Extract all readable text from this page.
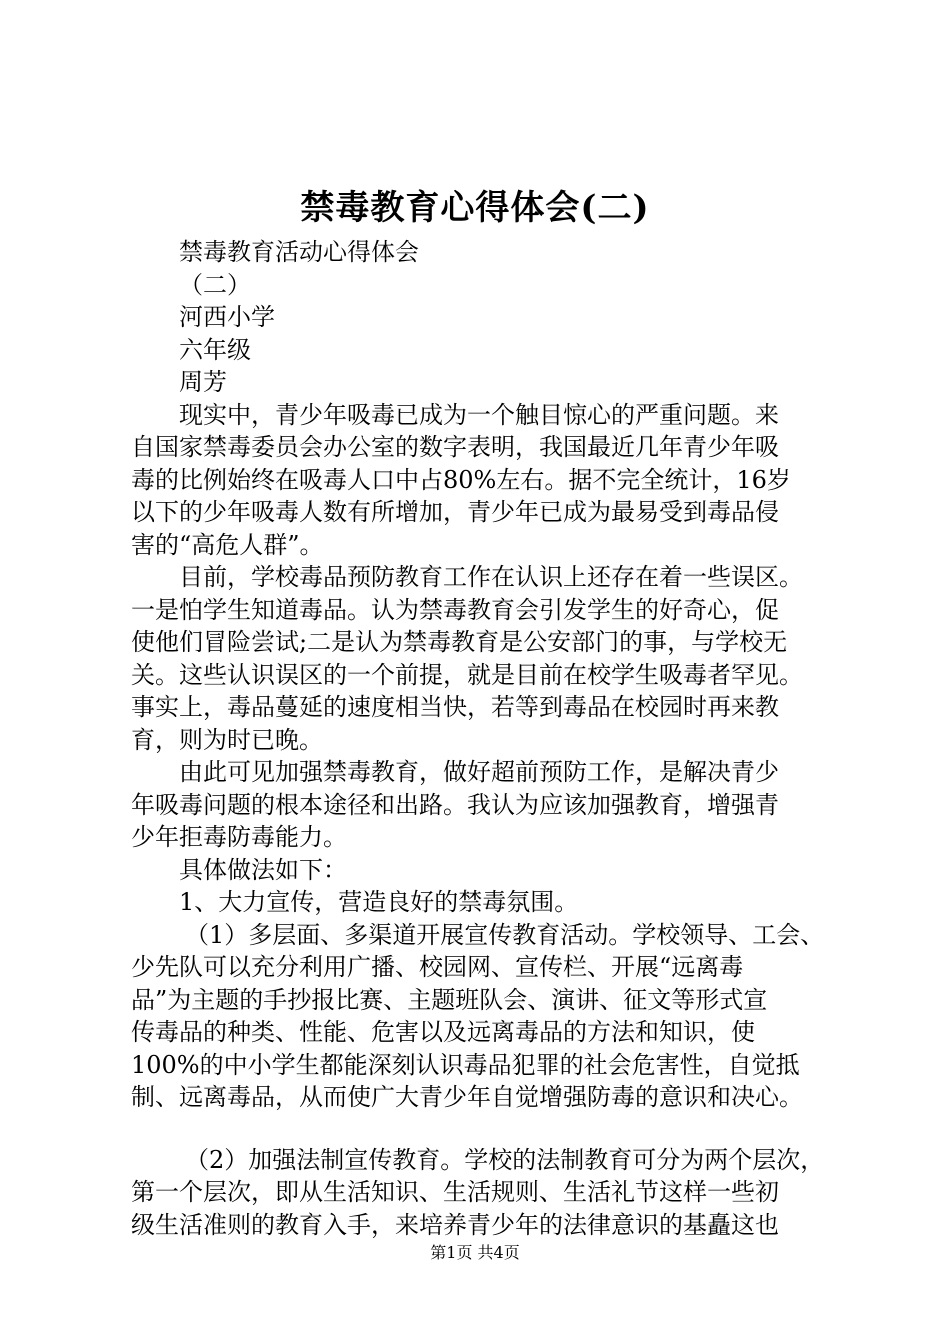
禁毒教育心得体会(二)
禁毒教育活动心得体会
（二）
河西小学
六年级
周芳
现实中，青少年吸毒已成为一个触目惊心的严重问题。来
自国家禁毒委员会办公室的数字表明，我国最近几年青少年吸
毒的比例始终在吸毒人口中占80%左右。据不完全统计，16岁
以下的少年吸毒人数有所增加，青少年已成为最易受到毒品侵
害的“高危人群”。
目前，学校毒品预防教育工作在认识上还存在着一些误区。
一是怕学生知道毒品。认为禁毒教育会引发学生的好奇心，促
使他们冒险尝试;二是认为禁毒教育是公安部门的事，与学校无
关。这些认识误区的一个前提，就是目前在校学生吸毒者罕见。
事实上，毒品蔓延的速度相当快，若等到毒品在校园时再来教
育，则为时已晚。
由此可见加强禁毒教育，做好超前预防工作，是解决青少
年吸毒问题的根本途径和出路。我认为应该加强教育，增强青
少年拒毒防毒能力。
具体做法如下：
1、大力宣传，营造良好的禁毒氛围。
（1）多层面、多渠道开展宣传教育活动。学校领导、工会、
少先队可以充分利用广播、校园网、宣传栏、开展“远离毒
品”为主题的手抄报比赛、主题班队会、演讲、征文等形式宣
传毒品的种类、性能、危害以及远离毒品的方法和知识，使
100%的中小学生都能深刻认识毒品犯罪的社会危害性，自觉抵
制、远离毒品，从而使广大青少年自觉增强防毒的意识和决心。
（2）加强法制宣传教育。学校的法制教育可分为两个层次，
第一个层次，即从生活知识、生活规则、生活礼节这样一些初
级生活准则的教育入手，来培养青少年的法律意识的基矗这也
第1页 共4页
